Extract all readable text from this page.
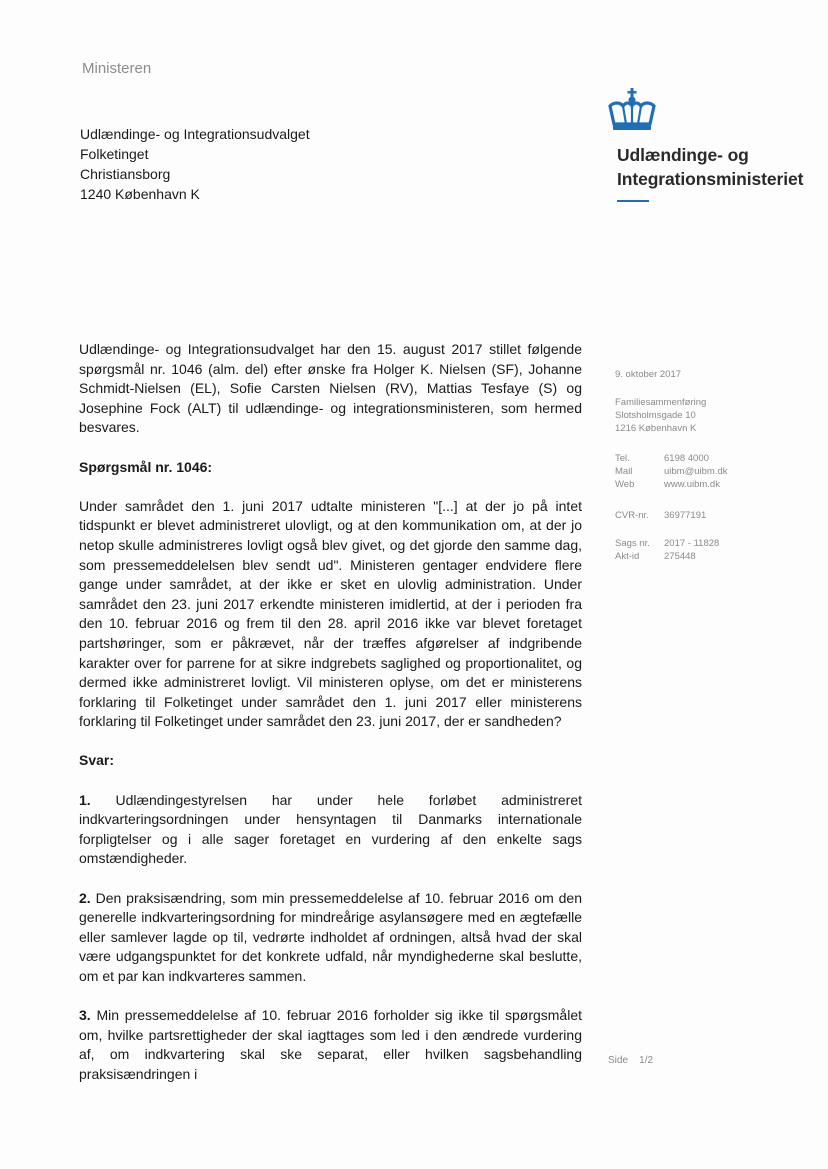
Ministeren
Udlændinge- og Integrationsudvalget
Folketinget
Christiansborg
1240 København K
Udlændinge- og
Integrationsministeriet
9. oktober 2017
Familiesammenføring
Slotsholmsgade 10
1216 København K
Tel.	6198 4000
Mail	uibm@uibm.dk
Web	www.uibm.dk
CVR-nr.	36977191
Sags nr.	2017 - 11828
Akt-id	275448

Udlændinge- og Integrationsudvalget har den 15. august 2017 stillet følgende spørgsmål nr. 1046 (alm. del) efter ønske fra Holger K. Nielsen (SF), Johanne Schmidt-Nielsen (EL), Sofie Carsten Nielsen (RV), Mattias Tesfaye (S) og Josephine Fock (ALT) til udlændinge- og integrationsministeren, som hermed besvares.

Spørgsmål nr. 1046:

Under samrådet den 1. juni 2017 udtalte ministeren "[...] at der jo på intet tidspunkt er blevet administreret ulovligt, og at den kommunikation om, at der jo netop skulle administreres lovligt også blev givet, og det gjorde den samme dag, som pressemeddelelsen blev sendt ud". Ministeren gentager endvidere flere gange under samrådet, at der ikke er sket en ulovlig administration. Under samrådet den 23. juni 2017 erkendte ministeren imidlertid, at der i perioden fra den 10. februar 2016 og frem til den 28. april 2016 ikke var blevet foretaget partshøringer, som er påkrævet, når der træffes afgørelser af indgribende karakter over for parrene for at sikre indgrebets saglighed og proportionalitet, og dermed ikke administreret lovligt. Vil ministeren oplyse, om det er ministerens forklaring til Folketinget under samrådet den 1. juni 2017 eller ministerens forklaring til Folketinget under samrådet den 23. juni 2017, der er sandheden?

Svar:

1. Udlændingestyrelsen har under hele forløbet administreret indkvarteringsordningen under hensyntagen til Danmarks internationale forpligtelser og i alle sager foretaget en vurdering af den enkelte sags omstændigheder.

2. Den praksisændring, som min pressemeddelelse af 10. februar 2016 om den generelle indkvarteringsordning for mindreårige asylansøgere med en ægtefælle eller samlever lagde op til, vedrørte indholdet af ordningen, altså hvad der skal være udgangspunktet for det konkrete udfald, når myndighederne skal beslutte, om et par kan indkvarteres sammen.

3. Min pressemeddelelse af 10. februar 2016 forholder sig ikke til spørgsmålet om, hvilke partsrettigheder der skal iagttages som led i den ændrede vurdering af, om indkvartering skal ske separat, eller hvilken sagsbehandling praksisændringen i

Side 1/2
